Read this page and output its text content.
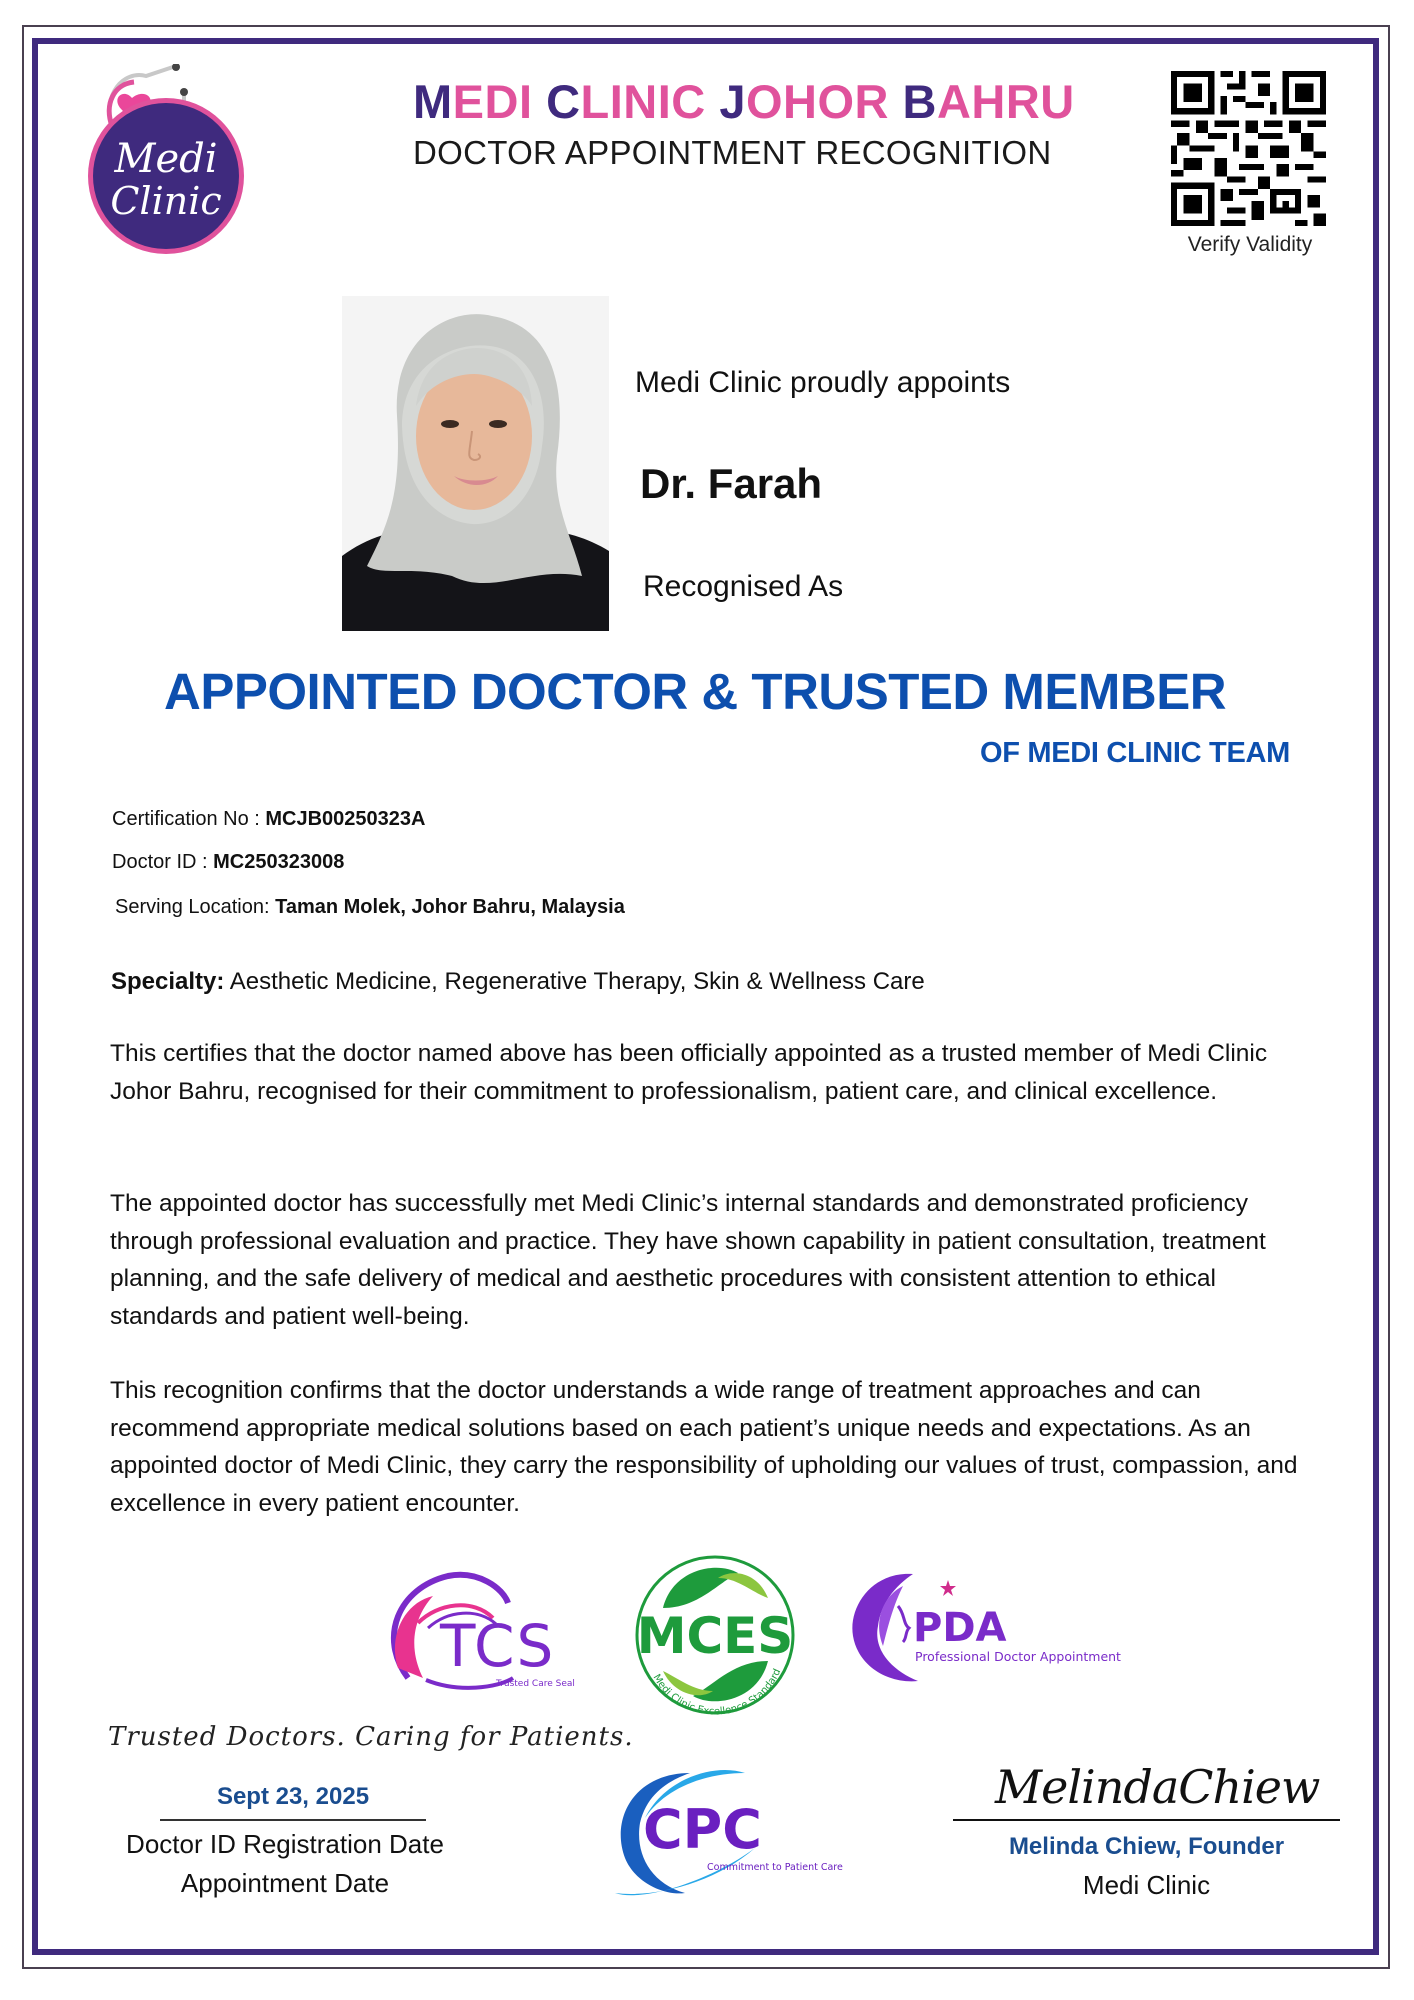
Medi
Clinic
MEDI CLINIC JOHOR BAHRU
DOCTOR APPOINTMENT RECOGNITION
Verify Validity
Medi Clinic proudly appoints
Dr. Farah
Recognised As
APPOINTED DOCTOR & TRUSTED MEMBER
OF MEDI CLINIC TEAM
Certification No : MCJB00250323A
Doctor ID : MC250323008
Serving Location: Taman Molek, Johor Bahru, Malaysia
Specialty: Aesthetic Medicine, Regenerative Therapy, Skin & Wellness Care

This certifies that the doctor named above has been officially appointed as a trusted member of Medi Clinic Johor Bahru, recognised for their commitment to professionalism, patient care, and clinical excellence.

The appointed doctor has successfully met Medi Clinic’s internal standards and demonstrated proficiency through professional evaluation and practice. They have shown capability in patient consultation, treatment planning, and the safe delivery of medical and aesthetic procedures with consistent attention to ethical standards and patient well-being.

This recognition confirms that the doctor understands a wide range of treatment approaches and can recommend appropriate medical solutions based on each patient’s unique needs and expectations. As an appointed doctor of Medi Clinic, they carry the responsibility of upholding our values of trust, compassion, and excellence in every patient encounter.

TCS
Trusted Care Seal
MCES
Medi Clinic Excellence Standard
PDA
Professional Doctor Appointment
CPC
Commitment to Patient Care
Trusted Doctors. Caring for Patients.
Sept 23, 2025
Doctor ID Registration Date
Appointment Date
MelindaChiew
Melinda Chiew, Founder
Medi Clinic
